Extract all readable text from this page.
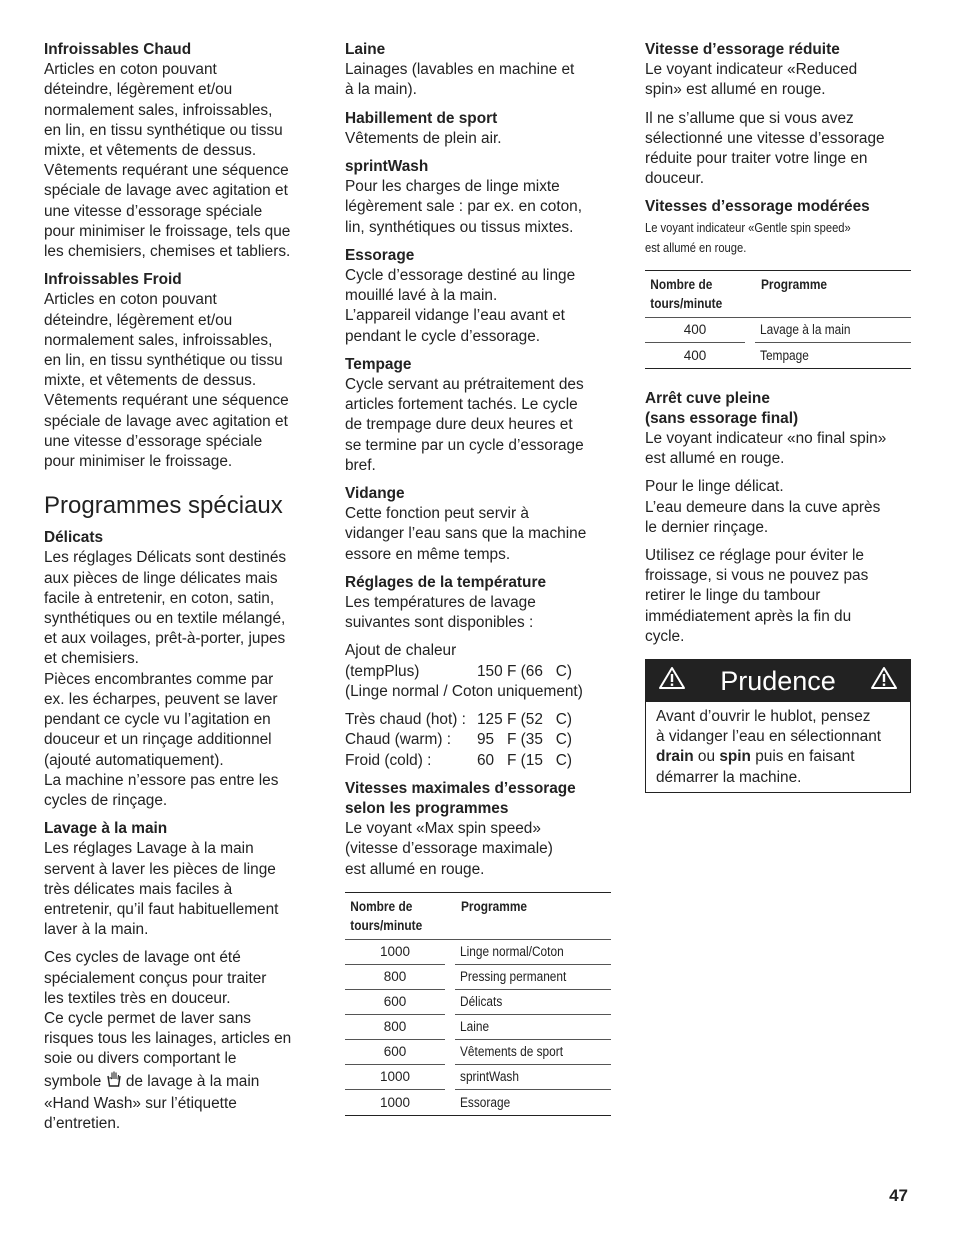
Infroissables Chaud
Articles en coton pouvant
déteindre, légèrement et/ou
normalement sales, infroissables,
en lin, en tissu synthétique ou tissu
mixte, et vêtements de dessus.
Vêtements requérant une séquence
spéciale de lavage avec agitation et
une vitesse d’essorage spéciale
pour minimiser le froissage, tels que
les chemisiers, chemises et tabliers.
Infroissables Froid
Articles en coton pouvant
déteindre, légèrement et/ou
normalement sales, infroissables,
en lin, en tissu synthétique ou tissu
mixte, et vêtements de dessus.
Vêtements requérant une séquence
spéciale de lavage avec agitation et
une vitesse d’essorage spéciale
pour minimiser le froissage.
Programmes spéciaux
Délicats
Les réglages Délicats sont destinés
aux pièces de linge délicates mais
facile à entretenir, en coton, satin,
synthétiques ou en textile mélangé,
et aux voilages, prêt-à-porter, jupes
et chemisiers.
Pièces encombrantes comme par
ex. les écharpes, peuvent se laver
pendant ce cycle vu l’agitation en
douceur et un rinçage additionnel
(ajouté automatiquement).
La machine n’essore pas entre les
cycles de rinçage.
Lavage à la main
Les réglages Lavage à la main
servent à laver les pièces de linge
très délicates mais faciles à
entretenir, qu’il faut habituellement
laver à la main.
Ces cycles de lavage ont été
spécialement conçus pour traiter
les textiles très en douceur.
Ce cycle permet de laver sans
risques tous les lainages, articles en
soie ou divers comportant le
symbole de lavage à la main
«Hand Wash» sur l’étiquette
d’entretien.
Laine
Lainages (lavables en machine et
à la main).
Habillement de sport
Vêtements de plein air.
sprintWash
Pour les charges de linge mixte
légèrement sale : par ex. en coton,
lin, synthétiques ou tissus mixtes.
Essorage
Cycle d’essorage destiné au linge
mouillé lavé à la main.
L’appareil vidange l’eau avant et
pendant le cycle d’essorage.
Tempage
Cycle servant au prétraitement des
articles fortement tachés. Le cycle
de trempage dure deux heures et
se termine par un cycle d’essorage
bref.
Vidange
Cette fonction peut servir à
vidanger l’eau sans que la machine
essore en même temps.
Réglages de la température
Les températures de lavage
suivantes sont disponibles :
Ajout de chaleur
(tempPlus)	150 F (66   C)
(Linge normal / Coton uniquement)
Très chaud (hot) : 125 F (52   C)
Chaud (warm) :	95 F (35   C)
Froid (cold) :	60 F (15   C)
Vitesses maximales d’essorage
selon les programmes
Le voyant «Max spin speed»
(vitesse d’essorage maximale)
est allumé en rouge.
Nombre de
tours/minute
Programme
1000	Linge normal/Coton
800	Pressing permanent
600	Délicats
800	Laine
600	Vêtements de sport
1000	sprintWash
1000	Essorage
Vitesse d’essorage réduite
Le voyant indicateur «Reduced
spin» est allumé en rouge.
Il ne s’allume que si vous avez
sélectionné une vitesse d’essorage
réduite pour traiter votre linge en
douceur.
Vitesses d’essorage modérées
Le voyant indicateur «Gentle spin speed»
est allumé en rouge.
Nombre de
tours/minute
Programme
400	Lavage à la main
400	Tempage
Arrêt cuve pleine
(sans essorage final)
Le voyant indicateur «no final spin»
est allumé en rouge.
Pour le linge délicat.
L’eau demeure dans la cuve après
le dernier rinçage.
Utilisez ce réglage pour éviter le
froissage, si vous ne pouvez pas
retirer le linge du tambour
immédiatement après la fin du
cycle.
Prudence
Avant d’ouvrir le hublot, pensez
à vidanger l’eau en sélectionnant
drain ou spin puis en faisant
démarrer la machine.
47
